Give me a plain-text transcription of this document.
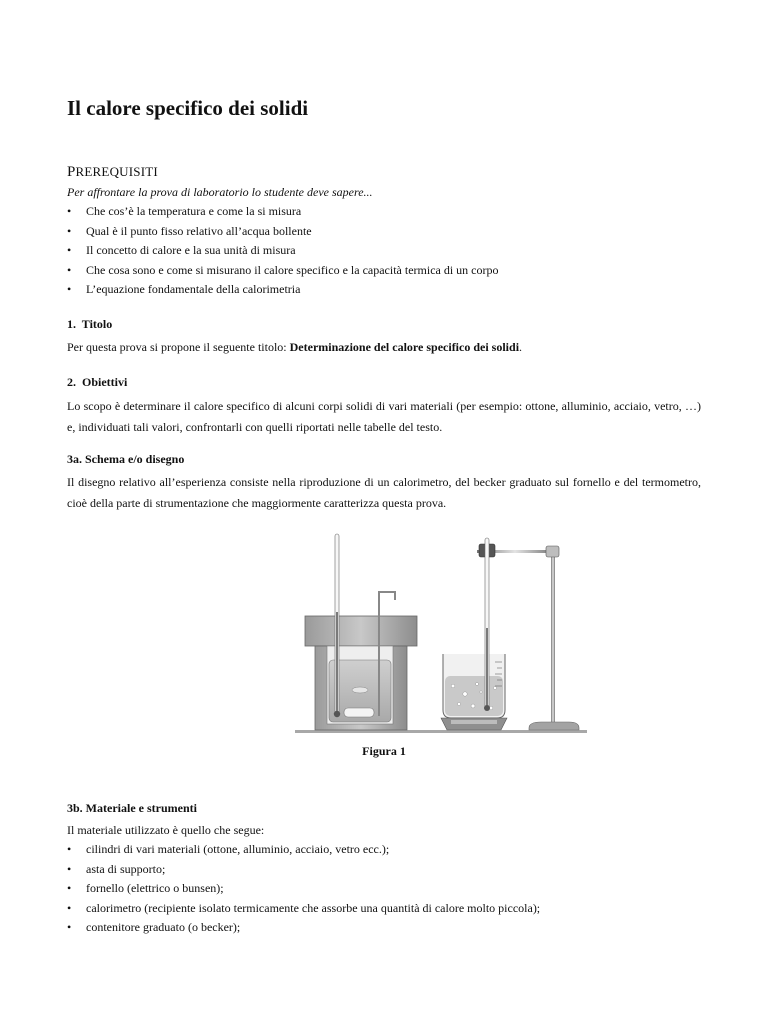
Il calore specifico dei solidi
PREREQUISITI
Per affrontare la prova di laboratorio lo studente deve sapere...
• Che cos’è la temperatura e come la si misura
• Qual è il punto fisso relativo all’acqua bollente
• Il concetto di calore e la sua unità di misura
• Che cosa sono e come si misurano il calore specifico e la capacità termica di un corpo
• L’equazione fondamentale della calorimetria
1.  Titolo
Per questa prova si propone il seguente titolo: Determinazione del calore specifico dei solidi.
2.  Obiettivi
Lo scopo è determinare il calore specifico di alcuni corpi solidi di vari materiali (per esempio: ottone, alluminio, acciaio, vetro, …) e, individuati tali valori, confrontarli con quelli riportati nelle tabelle del testo.
3a. Schema e/o disegno
Il disegno relativo all’esperienza consiste nella riproduzione di un calorimetro, del becker graduato sul fornello e del termometro, cioè della parte di strumentazione che maggiormente caratterizza questa prova.
Figura 1
3b. Materiale e strumenti
Il materiale utilizzato è quello che segue:
• cilindri di vari materiali (ottone, alluminio, acciaio, vetro ecc.);
• asta di supporto;
• fornello (elettrico o bunsen);
• calorimetro (recipiente isolato termicamente che assorbe una quantità di calore molto piccola);
• contenitore graduato (o becker);
